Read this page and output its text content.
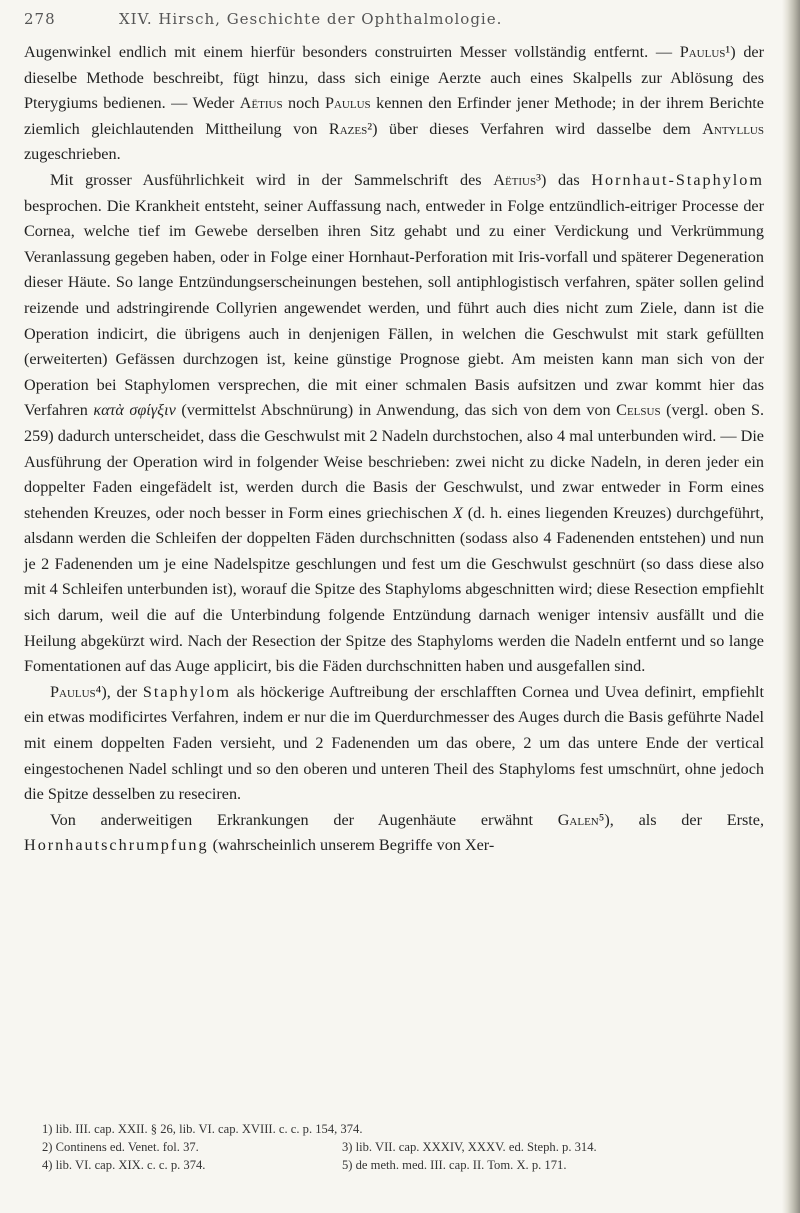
278	XIV. Hirsch, Geschichte der Ophthalmologie.

Augenwinkel endlich mit einem hierfür besonders construirten Messer vollständig entfernt. — Paulus¹) der dieselbe Methode beschreibt, fügt hinzu, dass sich einige Aerzte auch eines Skalpells zur Ablösung des Pterygiums bedienen. — Weder Aëtius noch Paulus kennen den Erfinder jener Methode; in der ihrem Berichte ziemlich gleichlautenden Mittheilung von Razes²) über dieses Verfahren wird dasselbe dem Antyllus zugeschrieben.

Mit grosser Ausführlichkeit wird in der Sammelschrift des Aëtius³) das Hornhaut-Staphylom besprochen. Die Krankheit entsteht, seiner Auffassung nach, entweder in Folge entzündlich-eitriger Processe der Cornea, welche tief im Gewebe derselben ihren Sitz gehabt und zu einer Verdickung und Verkrümmung Veranlassung gegeben haben, oder in Folge einer Hornhaut-Perforation mit Iris-vorfall und späterer Degeneration dieser Häute. So lange Entzündungserscheinungen bestehen, soll antiphlogistisch verfahren, später sollen gelind reizende und adstringirende Collyrien angewendet werden, und führt auch dies nicht zum Ziele, dann ist die Operation indicirt, die übrigens auch in denjenigen Fällen, in welchen die Geschwulst mit stark gefüllten (erweiterten) Gefässen durchzogen ist, keine günstige Prognose giebt. Am meisten kann man sich von der Operation bei Staphylomen versprechen, die mit einer schmalen Basis aufsitzen und zwar kommt hier das Verfahren κατὰ σφίγξιν (vermittelst Abschnürung) in Anwendung, das sich von dem von Celsus (vergl. oben S. 259) dadurch unterscheidet, dass die Geschwulst mit 2 Nadeln durchstochen, also 4 mal unterbunden wird. — Die Ausführung der Operation wird in folgender Weise beschrieben: zwei nicht zu dicke Nadeln, in deren jeder ein doppelter Faden eingefädelt ist, werden durch die Basis der Geschwulst, und zwar entweder in Form eines stehenden Kreuzes, oder noch besser in Form eines griechischen X (d. h. eines liegenden Kreuzes) durchgeführt, alsdann werden die Schleifen der doppelten Fäden durchschnitten (sodass also 4 Fadenenden entstehen) und nun je 2 Fadenenden um je eine Nadelspitze geschlungen und fest um die Geschwulst geschnürt (so dass diese also mit 4 Schleifen unterbunden ist), worauf die Spitze des Staphyloms abgeschnitten wird; diese Resection empfiehlt sich darum, weil die auf die Unterbindung folgende Entzündung darnach weniger intensiv ausfällt und die Heilung abgekürzt wird. Nach der Resection der Spitze des Staphyloms werden die Nadeln entfernt und so lange Fomentationen auf das Auge applicirt, bis die Fäden durchschnitten haben und ausgefallen sind.

Paulus⁴), der Staphylom als höckerige Auftreibung der erschlafften Cornea und Uvea definirt, empfiehlt ein etwas modificirtes Verfahren, indem er nur die im Querdurchmesser des Auges durch die Basis geführte Nadel mit einem doppelten Faden versieht, und 2 Fadenenden um das obere, 2 um das untere Ende der vertical eingestochenen Nadel schlingt und so den oberen und unteren Theil des Staphyloms fest umschnürt, ohne jedoch die Spitze desselben zu reseciren.

Von anderweitigen Erkrankungen der Augenhäute erwähnt Galen⁵), als der Erste, Hornhautschrumpfung (wahrscheinlich unserem Begriffe von Xer-

1) lib. III. cap. XXII. § 26, lib. VI. cap. XVIII. c. c. p. 154, 374.
2) Continens ed. Venet. fol. 37.	3) lib. VII. cap. XXXIV, XXXV. ed. Steph. p. 314.
4) lib. VI. cap. XIX. c. c. p. 374.	5) de meth. med. III. cap. II. Tom. X. p. 171.
